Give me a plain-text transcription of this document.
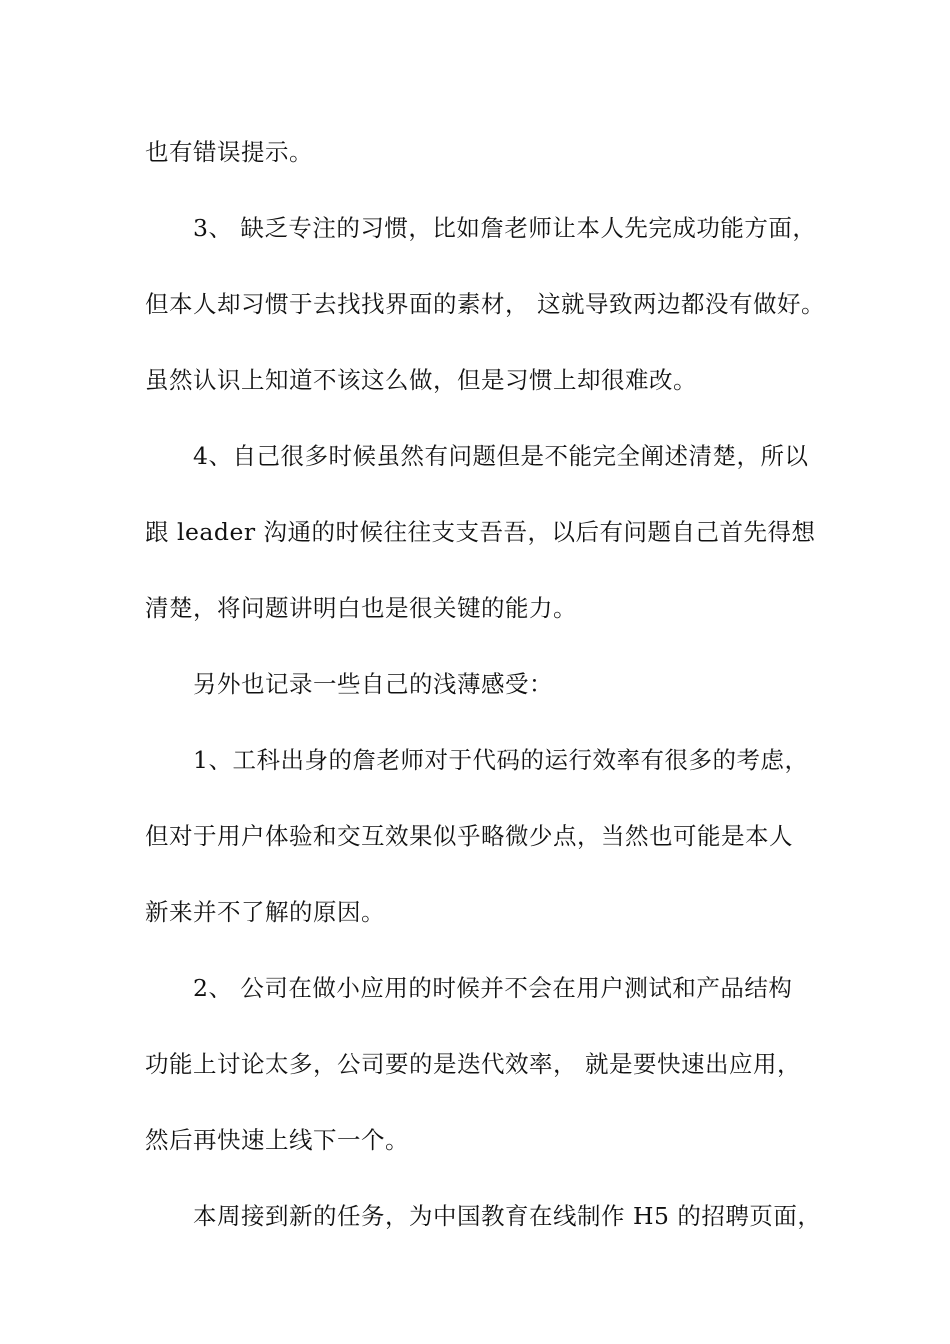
也有错误提示。
3、 缺乏专注的习惯，比如詹老师让本人先完成功能方面，
但本人却习惯于去找找界面的素材， 这就导致两边都没有做好。
虽然认识上知道不该这么做，但是习惯上却很难改。
4、自己很多时候虽然有问题但是不能完全阐述清楚，所以
跟 leader 沟通的时候往往支支吾吾，以后有问题自己首先得想
清楚，将问题讲明白也是很关键的能力。
另外也记录一些自己的浅薄感受：
1、工科出身的詹老师对于代码的运行效率有很多的考虑，
但对于用户体验和交互效果似乎略微少点，当然也可能是本人
新来并不了解的原因。
2、 公司在做小应用的时候并不会在用户测试和产品结构
功能上讨论太多，公司要的是迭代效率， 就是要快速出应用，
然后再快速上线下一个。
本周接到新的任务，为中国教育在线制作 H5 的招聘页面，
